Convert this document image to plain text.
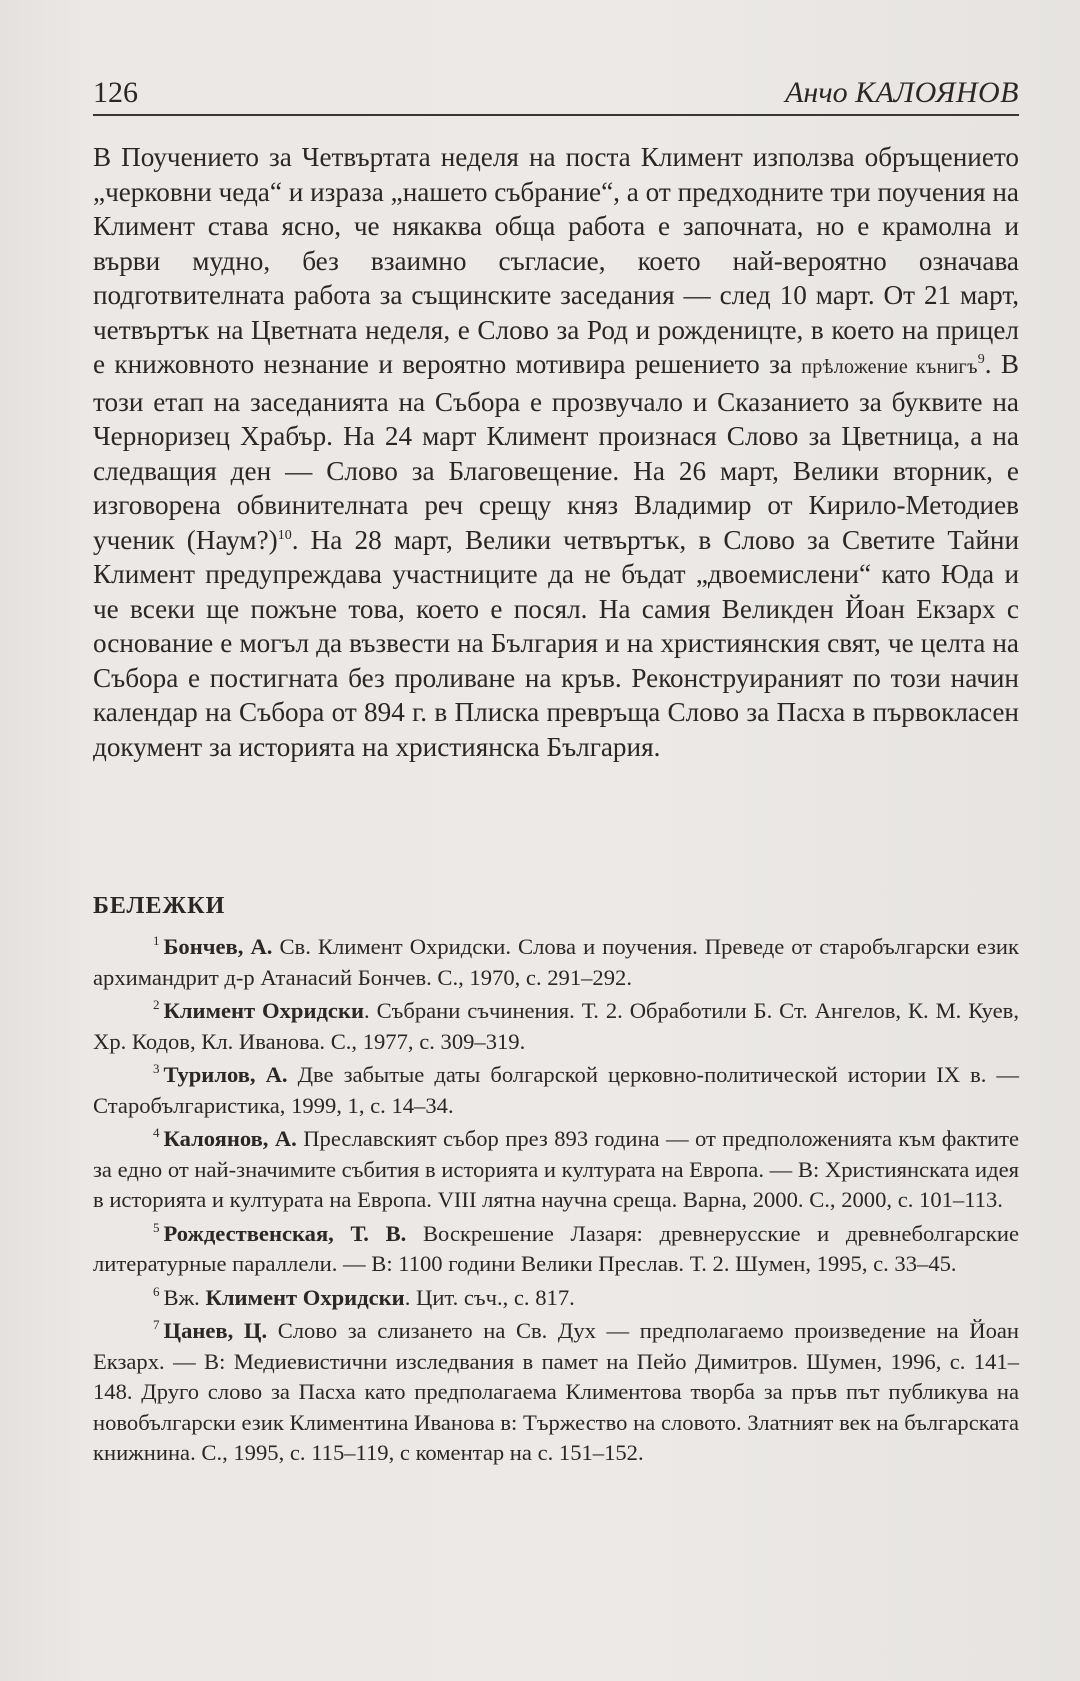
126	Анчо КАЛОЯНОВ

В Поучението за Четвъртата неделя на поста Климент използва обръщението „черковни чеда“ и израза „нашето събрание“, а от предходните три поучения на Климент става ясно, че някаква обща работа е започната, но е крамолна и върви мудно, без взаимно съгласие, което най-вероятно означава подготвителната работа за същинските заседания — след 10 март. От 21 март, четвъртък на Цветната неделя, е Слово за Род и рожденицте, в което на прицел е книжовното незнание и вероятно мотивира решението за прѣложение кънигъ$^9$. В този етап на заседанията на Събора е прозвучало и Сказанието за буквите на Черноризец Храбър. На 24 март Климент произнася Слово за Цветница, а на следващия ден — Слово за Благовещение. На 26 март, Велики вторник, е изговорена обвинителната реч срещу княз Владимир от Кирило-Методиев ученик (Наум?)$^{10}$. На 28 март, Велики четвъртък, в Слово за Светите Тайни Климент предупреждава участниците да не бъдат „двоемислени“ като Юда и че всеки ще пожъне това, което е посял. На самия Великден Йоан Екзарх с основание е могъл да възвести на България и на християнския свят, че целта на Събора е постигната без проливане на кръв. Реконструираният по този начин календар на Събора от 894 г. в Плиска превръща Слово за Пасха в първокласен документ за историята на християнска България.

БЕЛЕЖКИ

$^1$ Бончев, А. Св. Климент Охридски. Слова и поучения. Преведе от старобългарски език архимандрит д-р Атанасий Бончев. С., 1970, с. 291–292.

$^2$ Климент Охридски. Събрани съчинения. Т. 2. Обработили Б. Ст. Ангелов, К. М. Куев, Хр. Кодов, Кл. Иванова. С., 1977, с. 309–319.

$^3$ Турилов, А. Две забытые даты болгарской церковно-политической истории IX в. — Старобългаристика, 1999, 1, с. 14–34.

$^4$ Калоянов, А. Преславският събор през 893 година — от предположенията към фактите за едно от най-значимите събития в историята и културата на Европа. — В: Християнската идея в историята и културата на Европа. VIII лятна научна среща. Варна, 2000. С., 2000, с. 101–113.

$^5$ Рождественская, Т. В. Воскрешение Лазаря: древнерусские и древнеболгарские литературные параллели. — В: 1100 години Велики Преслав. Т. 2. Шумен, 1995, с. 33–45.

$^6$ Вж. Климент Охридски. Цит. съч., с. 817.

$^7$ Цанев, Ц. Слово за слизането на Св. Дух — предполагаемо произведение на Йоан Екзарх. — В: Медиевистични изследвания в памет на Пейо Димитров. Шумен, 1996, с. 141–148. Друго слово за Пасха като предполагаема Климентова творба за пръв път публикува на новобългарски език Климентина Иванова в: Тържество на словото. Златният век на българската книжнина. С., 1995, с. 115–119, с коментар на с. 151–152.
